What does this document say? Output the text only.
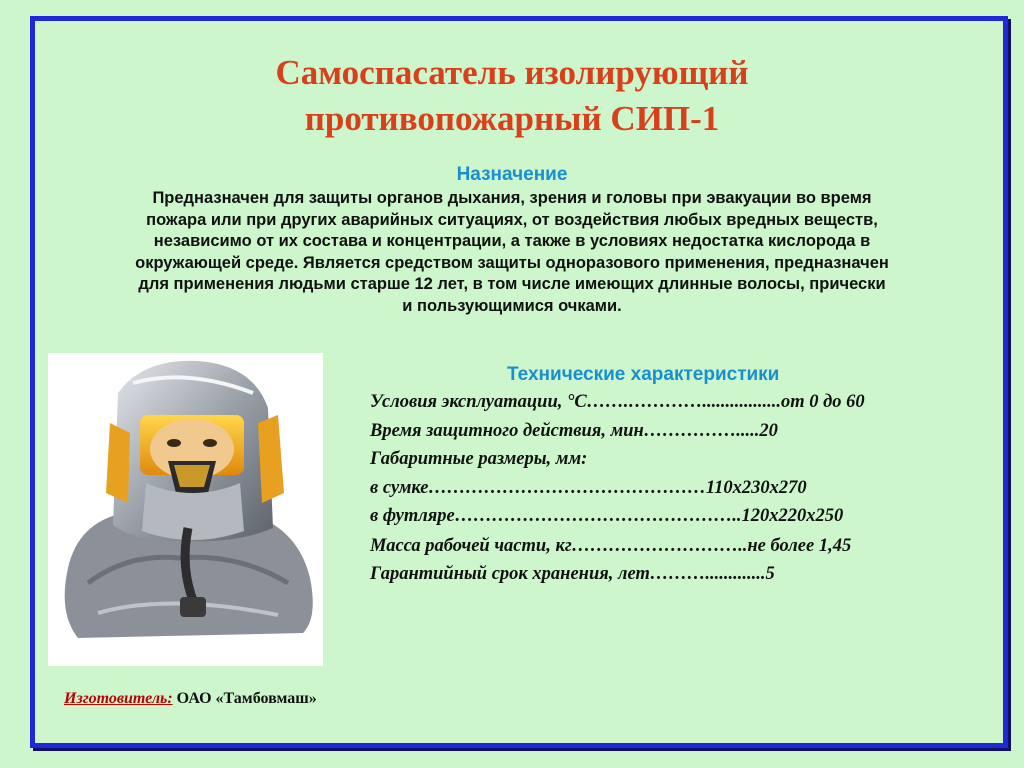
Самоспасатель изолирующий
противопожарный СИП-1
Назначение
Предназначен для защиты органов дыхания, зрения и головы при эвакуации во время
пожара или при других аварийных ситуациях, от воздействия любых вредных веществ,
независимо от их состава и концентрации, а также в условиях недостатка кислорода в
окружающей среде. Является средством защиты одноразового применения, предназначен
для применения людьми старше 12 лет, в том числе имеющих длинные волосы, прически
и пользующимися очками.
Технические характеристики
Условия эксплуатации, °С…….………….................от 0 до 60
Время защитного действия, мин…………….....20
Габаритные размеры, мм:
в сумке………………………………………110х230х270
в футляре………………………………………..120х220х250
Масса рабочей части, кг………………………..не более 1,45
Гарантийный срок хранения, лет……….............5
Изготовитель: ОАО «Тамбовмаш»
